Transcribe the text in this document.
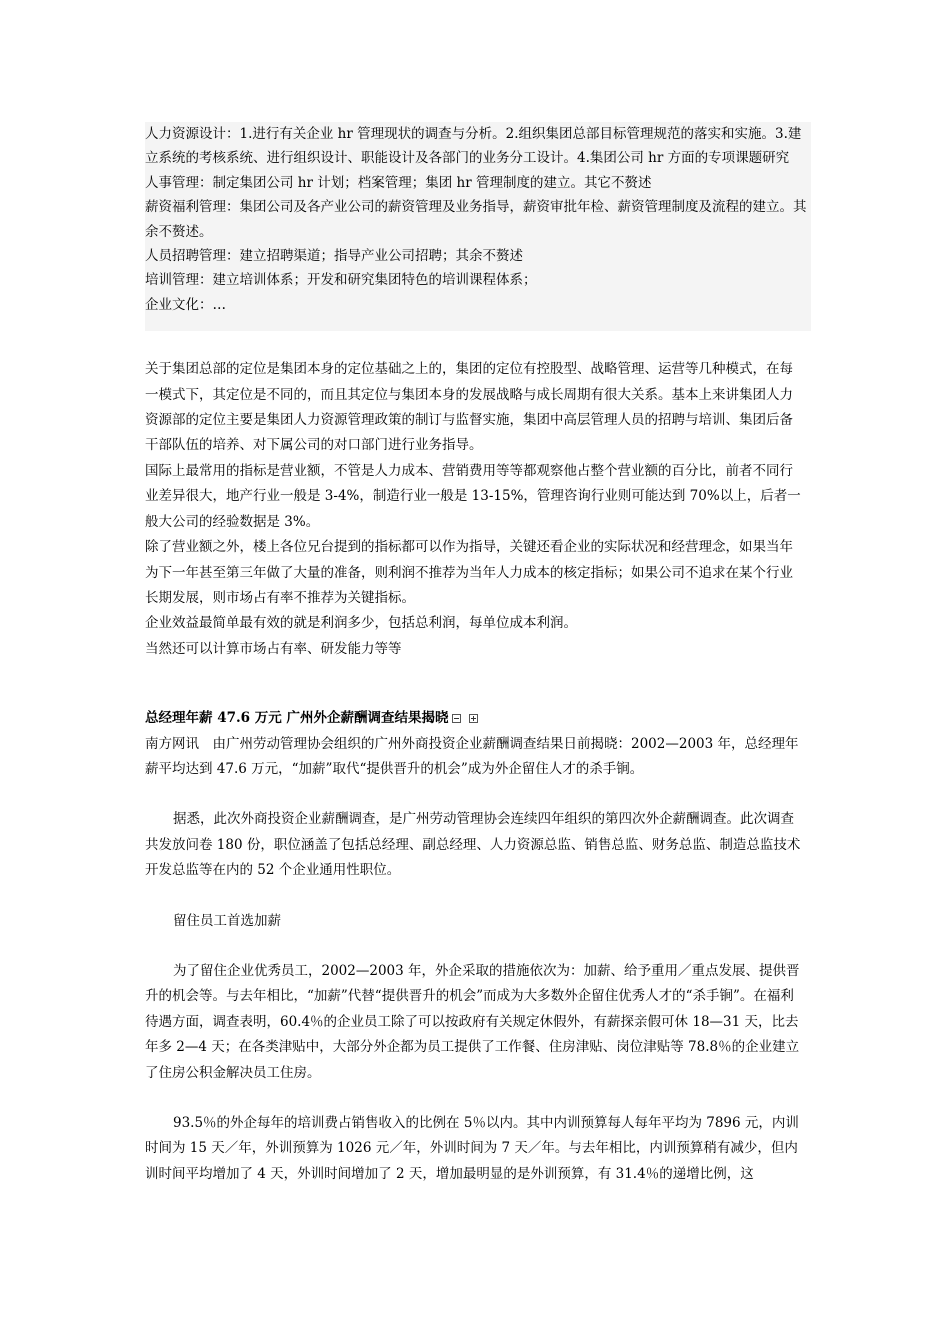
人力资源设计：1.进行有关企业 hr 管理现状的调查与分析。2.组织集团总部目标管理规范的落实和实施。3.建立系统的考核系统、进行组织设计、职能设计及各部门的业务分工设计。4.集团公司 hr 方面的专项课题研究

人事管理：制定集团公司 hr 计划；档案管理；集团 hr 管理制度的建立。其它不赘述

薪资福利管理：集团公司及各产业公司的薪资管理及业务指导，薪资审批年检、薪资管理制度及流程的建立。其余不赘述。

人员招聘管理：建立招聘渠道；指导产业公司招聘；其余不赘述

培训管理：建立培训体系；开发和研究集团特色的培训课程体系；

企业文化：…

关于集团总部的定位是集团本身的定位基础之上的，集团的定位有控股型、战略管理、运营等几种模式，在每一模式下，其定位是不同的，而且其定位与集团本身的发展战略与成长周期有很大关系。基本上来讲集团人力资源部的定位主要是集团人力资源管理政策的制订与监督实施，集团中高层管理人员的招聘与培训、集团后备干部队伍的培养、对下属公司的对口部门进行业务指导。

国际上最常用的指标是营业额，不管是人力成本、营销费用等等都观察他占整个营业额的百分比，前者不同行业差异很大，地产行业一般是 3-4%，制造行业一般是 13-15%，管理咨询行业则可能达到 70%以上，后者一般大公司的经验数据是 3%。

除了营业额之外，楼上各位兄台提到的指标都可以作为指导，关键还看企业的实际状况和经营理念，如果当年为下一年甚至第三年做了大量的准备，则利润不推荐为当年人力成本的核定指标；如果公司不追求在某个行业长期发展，则市场占有率不推荐为关键指标。

企业效益最简单最有效的就是利润多少，包括总利润，每单位成本利润。

当然还可以计算市场占有率、研发能力等等

总经理年薪 47.6 万元 广州外企薪酬调查结果揭晓

南方网讯　由广州劳动管理协会组织的广州外商投资企业薪酬调查结果日前揭晓：2002—2003 年，总经理年薪平均达到 47.6 万元，“加薪”取代“提供晋升的机会”成为外企留住人才的杀手锏。

据悉，此次外商投资企业薪酬调查，是广州劳动管理协会连续四年组织的第四次外企薪酬调查。此次调查共发放问卷 180 份，职位涵盖了包括总经理、副总经理、人力资源总监、销售总监、财务总监、制造总监技术开发总监等在内的 52 个企业通用性职位。

留住员工首选加薪

为了留住企业优秀员工，2002—2003 年，外企采取的措施依次为：加薪、给予重用／重点发展、提供晋升的机会等。与去年相比，“加薪”代替“提供晋升的机会”而成为大多数外企留住优秀人才的“杀手锏”。在福利待遇方面，调查表明，60.4％的企业员工除了可以按政府有关规定休假外，有薪探亲假可休 18—31 天，比去年多 2—4 天；在各类津贴中，大部分外企都为员工提供了工作餐、住房津贴、岗位津贴等 78.8％的企业建立了住房公积金解决员工住房。

93.5％的外企每年的培训费占销售收入的比例在 5％以内。其中内训预算每人每年平均为 7896 元，内训时间为 15 天／年，外训预算为 1026 元／年，外训时间为 7 天／年。与去年相比，内训预算稍有减少，但内训时间平均增加了 4 天，外训时间增加了 2 天，增加最明显的是外训预算，有 31.4％的递增比例，这
